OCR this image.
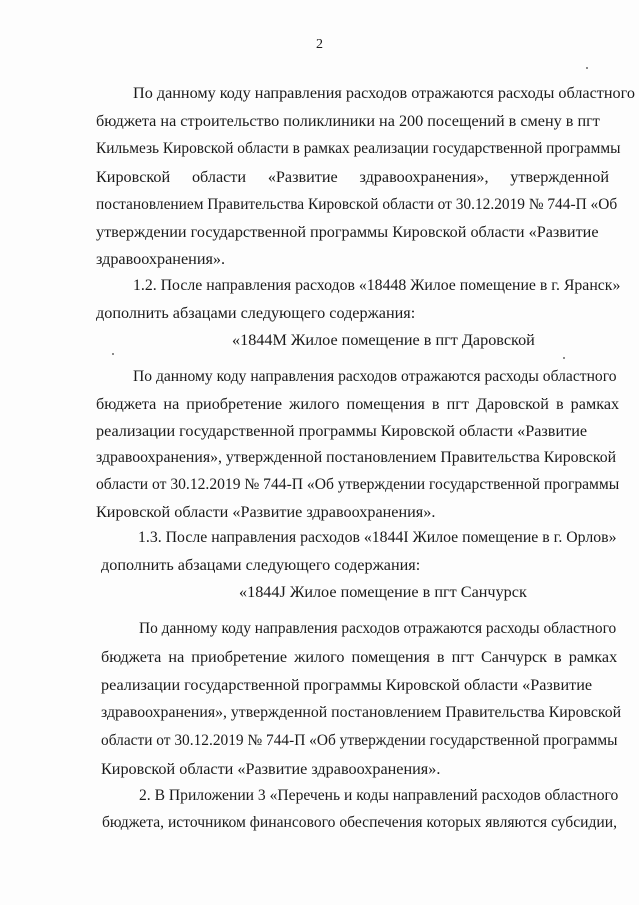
2
По данному коду направления расходов отражаются расходы областного
бюджета на строительство поликлиники на 200 посещений в смену в пгт
Кильмезь Кировской области в рамках реализации государственной программы
Кировской области «Развитие здравоохранения», утвержденной
постановлением Правительства Кировской области от 30.12.2019 № 744-П «Об
утверждении государственной программы Кировской области «Развитие
здравоохранения».
1.2. После направления расходов «18448 Жилое помещение в г. Яранск»
дополнить абзацами следующего содержания:
«1844M Жилое помещение в пгт Даровской
По данному коду направления расходов отражаются расходы областного
бюджета на приобретение жилого помещения в пгт Даровской в рамках
реализации государственной программы Кировской области «Развитие
здравоохранения», утвержденной постановлением Правительства Кировской
области от 30.12.2019 № 744-П «Об утверждении государственной программы
Кировской области «Развитие здравоохранения».
1.3. После направления расходов «1844I Жилое помещение в г. Орлов»
дополнить абзацами следующего содержания:
«1844J Жилое помещение в пгт Санчурск
По данному коду направления расходов отражаются расходы областного
бюджета на приобретение жилого помещения в пгт Санчурск в рамках
реализации государственной программы Кировской области «Развитие
здравоохранения», утвержденной постановлением Правительства Кировской
области от 30.12.2019 № 744-П «Об утверждении государственной программы
Кировской области «Развитие здравоохранения».
2. В Приложении 3 «Перечень и коды направлений расходов областного
бюджета, источником финансового обеспечения которых являются субсидии,
